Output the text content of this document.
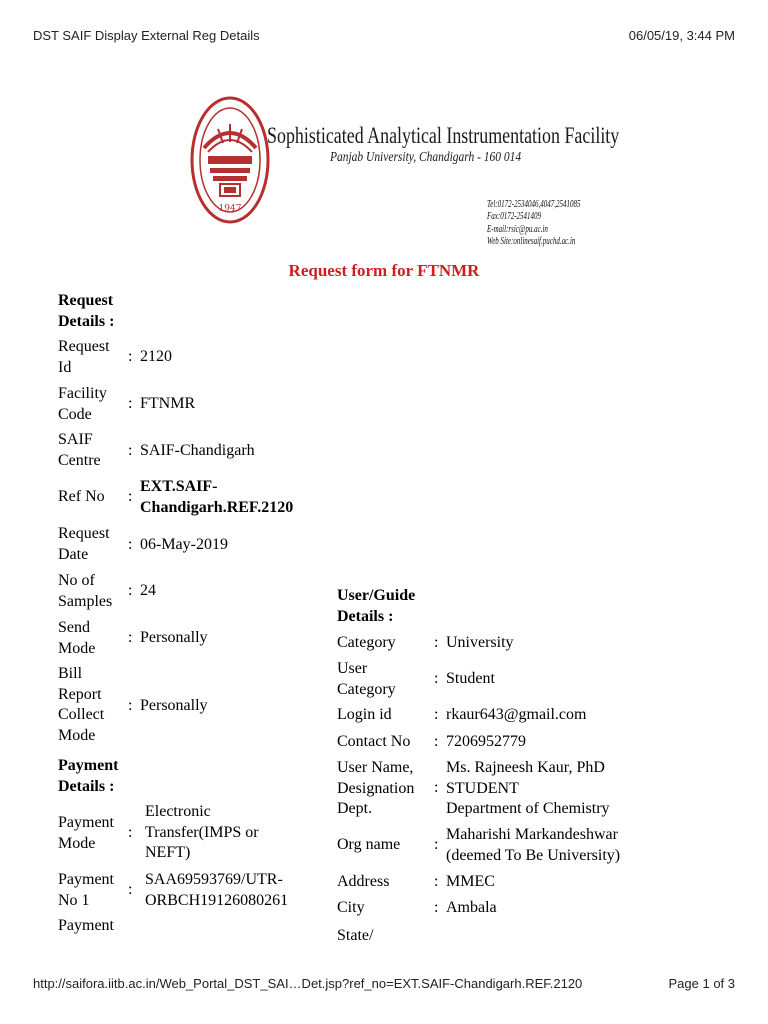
DST SAIF Display External Reg Details	06/05/19, 3:44 PM
1947
Sophisticated Analytical Instrumentation Facility
Panjab University, Chandigarh - 160 014
Tel:0172-2534046,4047,2541085
Fax:0172-2541409
E-mail:rsic@pu.ac.in
Web Site:onlinesaif.puchd.ac.in
Request form for FTNMR
Request
Details :
Request
Id
: 2120
Facility
Code
: FTNMR
SAIF
Centre
: SAIF-Chandigarh
Ref No :
EXT.SAIF-
Chandigarh.REF.2120
Request
Date
: 06-May-2019
No of
Samples
: 24
Send
Mode
: Personally
Bill
Report
Collect
Mode
: Personally
Payment
Details :
Payment
Mode
:
Electronic
Transfer(IMPS or
NEFT)
Payment
No 1
:
SAA69593769/UTR-
ORBCH19126080261
Payment
User/Guide
Details :
Category : University
User
Category
: Student
Login id	: rkaur643@gmail.com
Contact No : 7206952779
User Name,
Designation
Dept.
:
Ms. Rajneesh Kaur, PhD
STUDENT
Department of Chemistry
Org name :
Maharishi Markandeshwar
(deemed To Be University)
Address	: MMEC
City	: Ambala
State/
http://saifora.iitb.ac.in/Web_Portal_DST_SAI…Det.jsp?ref_no=EXT.SAIF-Chandigarh.REF.2120	Page 1 of 3
